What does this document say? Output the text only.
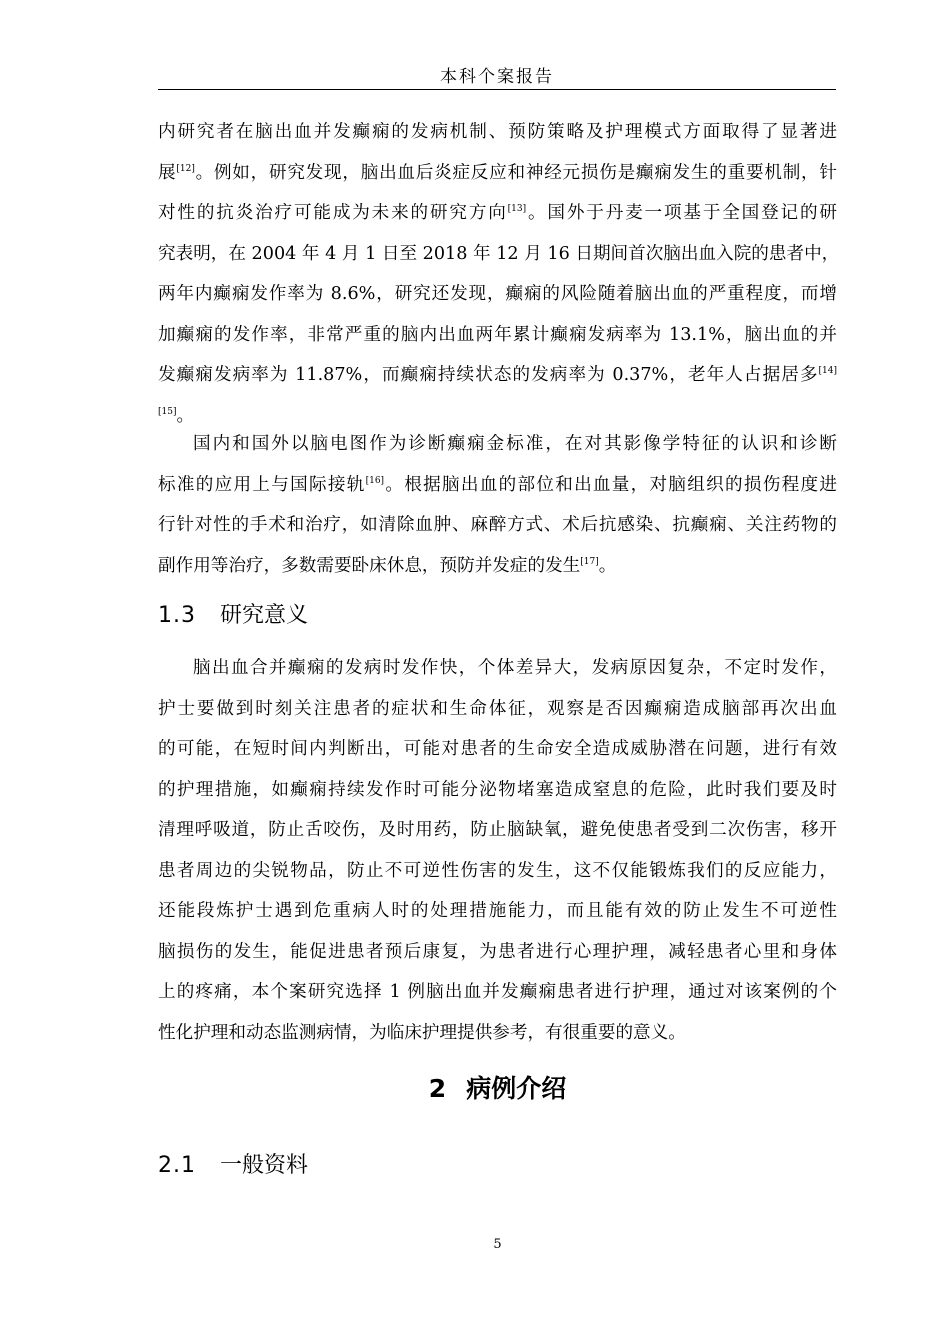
本科个案报告
内研究者在脑出血并发癫痫的发病机制、预防策略及护理模式方面取得了显著进
展[12]。例如，研究发现，脑出血后炎症反应和神经元损伤是癫痫发生的重要机制，针
对性的抗炎治疗可能成为未来的研究方向[13]。国外于丹麦一项基于全国登记的研
究表明，在 2004 年 4 月 1 日至 2018 年 12 月 16 日期间首次脑出血入院的患者中，
两年内癫痫发作率为 8.6%，研究还发现，癫痫的风险随着脑出血的严重程度，而增
加癫痫的发作率，非常严重的脑内出血两年累计癫痫发病率为 13.1%，脑出血的并
发癫痫发病率为 11.87%，而癫痫持续状态的发病率为 0.37%，老年人占据居多[14]
[15]。
国内和国外以脑电图作为诊断癫痫金标准，在对其影像学特征的认识和诊断
标准的应用上与国际接轨[16]。根据脑出血的部位和出血量，对脑组织的损伤程度进
行针对性的手术和治疗，如清除血肿、麻醉方式、术后抗感染、抗癫痫、关注药物的
副作用等治疗，多数需要卧床休息，预防并发症的发生[17]。
1.3 研究意义
脑出血合并癫痫的发病时发作快，个体差异大，发病原因复杂，不定时发作，
护士要做到时刻关注患者的症状和生命体征，观察是否因癫痫造成脑部再次出血
的可能，在短时间内判断出，可能对患者的生命安全造成威胁潜在问题，进行有效
的护理措施，如癫痫持续发作时可能分泌物堵塞造成窒息的危险，此时我们要及时
清理呼吸道，防止舌咬伤，及时用药，防止脑缺氧，避免使患者受到二次伤害，移开
患者周边的尖锐物品，防止不可逆性伤害的发生，这不仅能锻炼我们的反应能力，
还能段炼护士遇到危重病人时的处理措施能力，而且能有效的防止发生不可逆性
脑损伤的发生，能促进患者预后康复，为患者进行心理护理，减轻患者心里和身体
上的疼痛，本个案研究选择 1 例脑出血并发癫痫患者进行护理，通过对该案例的个
性化护理和动态监测病情，为临床护理提供参考，有很重要的意义。
2 病例介绍
2.1 一般资料
5
